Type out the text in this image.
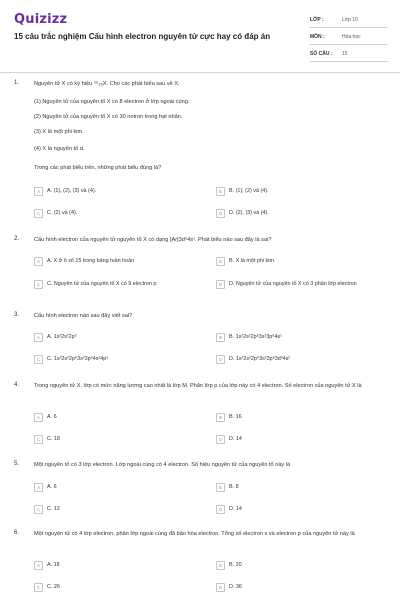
Quizizz
15 câu trắc nghiệm Cấu hình electron nguyên tử cực hay có đáp án
LỚP :	Lớp 10
MÔN :	Hóa học
SỐ CÂU :	15
1.	Nguyên tử X có ký hiệu ⁵⁶₂₆X. Cho các phát biểu sau về X:
(1) Nguyên tử của nguyên tố X có 8 electron ở lớp ngoài cùng.
(2) Nguyên tử của nguyên tố X có 30 notron trong hạt nhân.
(3) X là một phi kim.
(4) X là nguyên tố d.
Trong các phát biểu trên, những phát biểu đúng là?
A	A. (1), (2), (3) và (4).	B	B. (1), (2) và (4).
C	C. (2) và (4).	D	D. (2), (3) và (4).
2.	Cấu hình electron của nguyên tử nguyên tố X có dạng [Ar]3d⁵4s¹. Phát biểu nào sau đây là sai?
A	A. X ở ô số 15 trong bảng tuần hoàn	B	B. X là một phi kim
C	C. Nguyên tử của nguyên tố X có 9 electron p	D	D. Nguyên tử của nguyên tố X có 3 phân lớp electron
3.	Cấu hình electron nào sau đây viết sai?
A	A. 1s²2s²2p⁵	B	B. 1s²2s²2p⁶3s²3p⁶4s¹
C	C. 1s²2s²2p⁶3s²3p⁶4s²4p⁵	D	D. 1s²2s²2p⁶3s²3p⁶3d³4s²
4.	Trong nguyên tử X, lớp có mức năng lượng cao nhất là lớp M. Phân lớp p của lớp này có 4 electron. Số electron của nguyên tử X là
A	A. 6	B	B. 16
C	C. 18	D	D. 14
5.	Một nguyên tố có 3 lớp electron. Lớp ngoài cùng có 4 electron. Số hiệu nguyên tử của nguyên tố này là
A	A. 6	B	B. 8
C	C. 12	D	D. 14
6.	Một nguyên tử có 4 lớp electron, phân lớp ngoài cùng đã bão hòa electron. Tổng số electron s và electron p của nguyên tử này là
A	A. 18	B	B. 20
C	C. 26	D	D. 36
